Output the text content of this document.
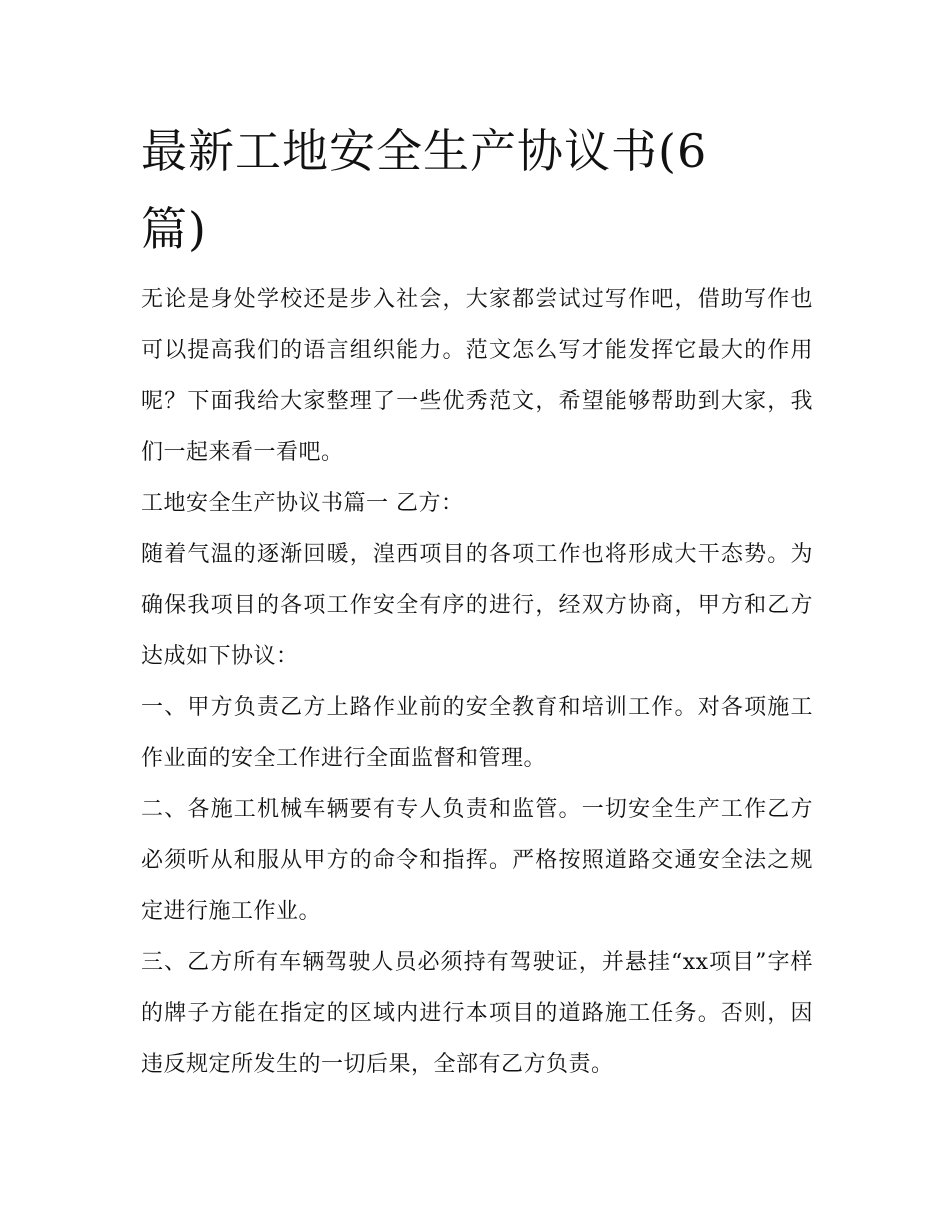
最新工地安全生产协议书(6
篇)

无论是身处学校还是步入社会，大家都尝试过写作吧，借助写作也可以提高我们的语言组织能力。范文怎么写才能发挥它最大的作用呢？下面我给大家整理了一些优秀范文，希望能够帮助到大家，我们一起来看一看吧。

工地安全生产协议书篇一 乙方：

随着气温的逐渐回暖，湟西项目的各项工作也将形成大干态势。为确保我项目的各项工作安全有序的进行，经双方协商，甲方和乙方达成如下协议：

一、甲方负责乙方上路作业前的安全教育和培训工作。对各项施工作业面的安全工作进行全面监督和管理。

二、各施工机械车辆要有专人负责和监管。一切安全生产工作乙方必须听从和服从甲方的命令和指挥。严格按照道路交通安全法之规定进行施工作业。

三、乙方所有车辆驾驶人员必须持有驾驶证，并悬挂“xx项目”字样的牌子方能在指定的区域内进行本项目的道路施工任务。否则，因违反规定所发生的一切后果，全部有乙方负责。
